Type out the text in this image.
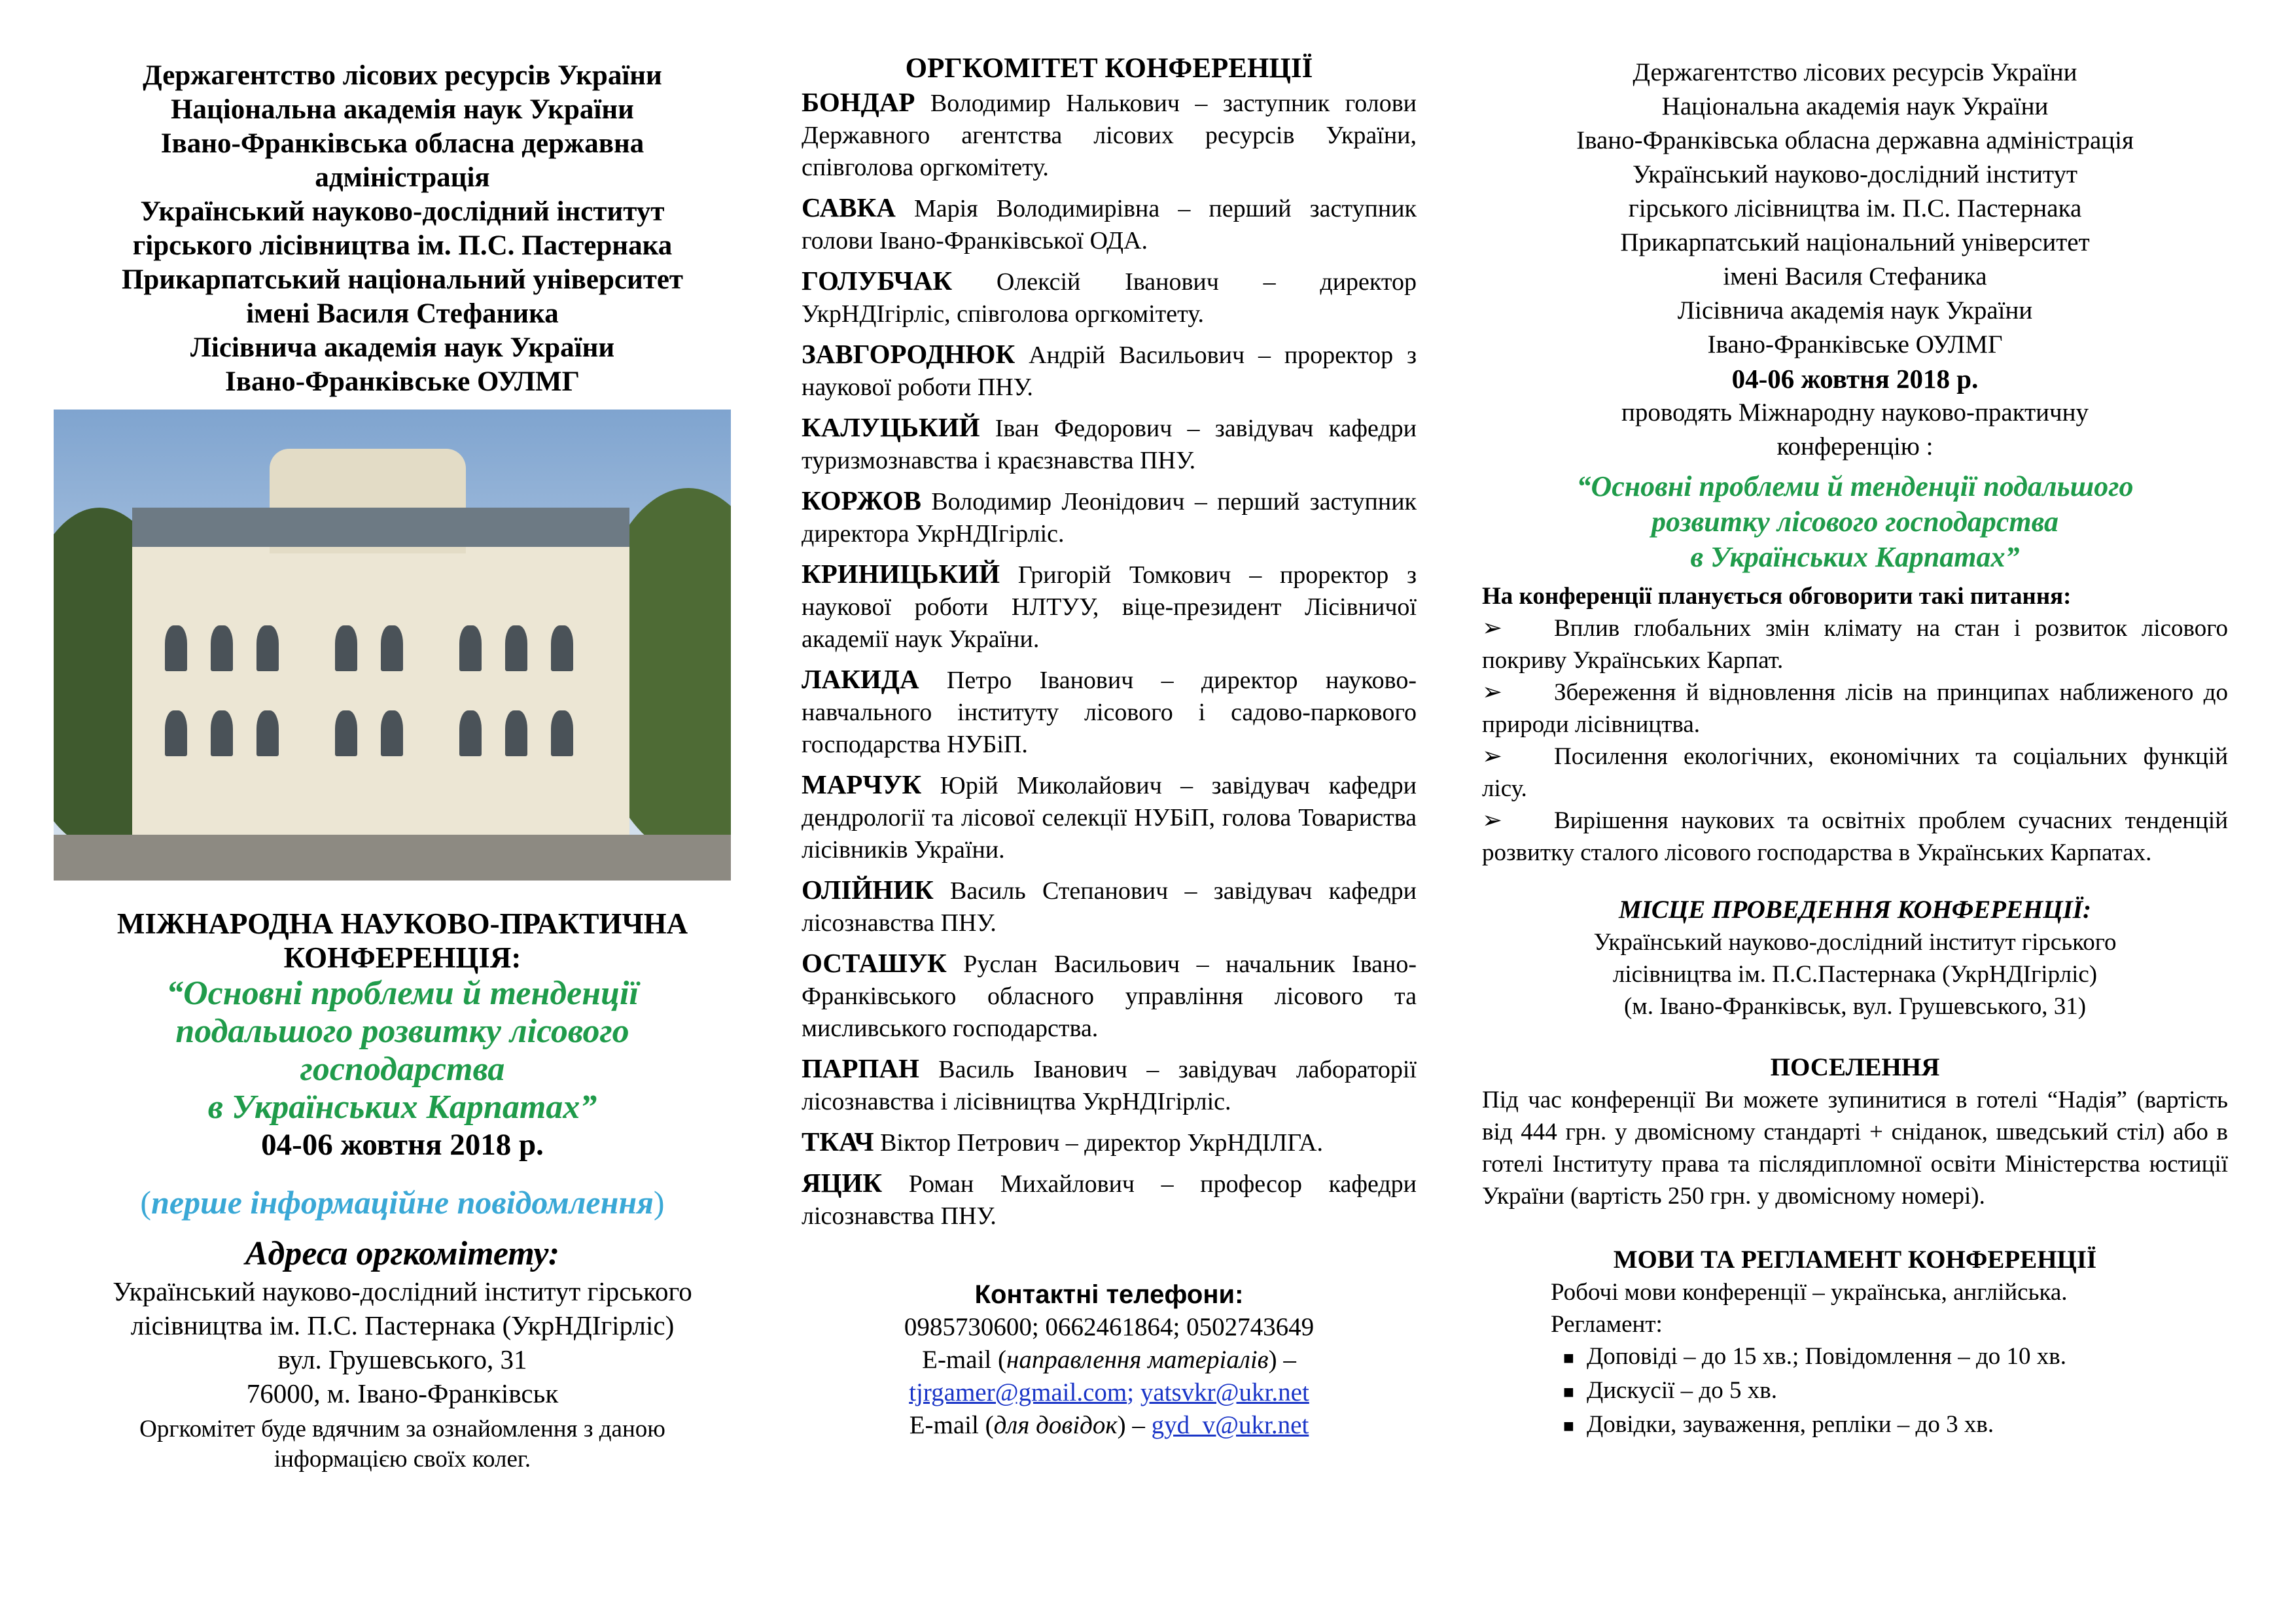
Держагентство лісових ресурсів України
Національна академія наук України
Івано-Франківська обласна державна
адміністрація
Український науково-дослідний інститут
гірського лісівництва ім. П.С. Пастернака
Прикарпатський національний університет
імені Василя Стефаника
Лісівнича академія наук України
Івано-Франківське ОУЛМГ
МІЖНАРОДНА НАУКОВО-ПРАКТИЧНА
КОНФЕРЕНЦІЯ:
“Основні проблеми й тенденції
подальшого розвитку лісового
господарства
в Українських Карпатах”
04-06 жовтня 2018 р.
(перше інформаційне повідомлення)
Адреса оргкомітету:
Український науково-дослідний інститут гірського
лісівництва ім. П.С. Пастернака (УкрНДІгірліс)
вул. Грушевського, 31
76000, м. Івано-Франківськ
Оргкомітет буде вдячним за ознайомлення з даною
інформацією своїх колег.
ОРГКОМІТЕТ КОНФЕРЕНЦІЇ
БОНДАР Володимир Налькович – заступник голови Державного агентства лісових ресурсів України, співголова оргкомітету.
САВКА Марія Володимирівна – перший заступник голови Івано-Франківської ОДА.
ГОЛУБЧАК Олексій Іванович – директор УкрНДІгірліс, співголова оргкомітету.
ЗАВГОРОДНЮК Андрій Васильович – проректор з наукової роботи ПНУ.
КАЛУЦЬКИЙ Іван Федорович – завідувач кафедри туризмознавства і краєзнавства ПНУ.
КОРЖОВ Володимир Леонідович – перший заступник директора УкрНДІгірліс.
КРИНИЦЬКИЙ Григорій Томкович – проректор з наукової роботи НЛТУУ, віце-президент Лісівничої академії наук України.
ЛАКИДА Петро Іванович – директор науково-навчального інституту лісового і садово-паркового господарства НУБіП.
МАРЧУК Юрій Миколайович – завідувач кафедри дендрології та лісової селекції НУБіП, голова Товариства лісівників України.
ОЛІЙНИК Василь Степанович – завідувач кафедри лісознавства ПНУ.
ОСТАШУК Руслан Васильович – начальник Івано-Франківського обласного управління лісового та мисливського господарства.
ПАРПАН Василь Іванович – завідувач лабораторії лісознавства і лісівництва УкрНДІгірліс.
ТКАЧ Віктор Петрович – директор УкрНДІЛГА.
ЯЦИК Роман Михайлович – професор кафедри лісознавства ПНУ.
Контактні телефони:
0985730600; 0662461864; 0502743649
E-mail (направлення матеріалів) –
tjrgamer@gmail.com; yatsvkr@ukr.net
E-mail (для довідок) – gyd_v@ukr.net
Держагентство лісових ресурсів України
Національна академія наук України
Івано-Франківська обласна державна адміністрація
Український науково-дослідний інститут
гірського лісівництва ім. П.С. Пастернака
Прикарпатський національний університет
імені Василя Стефаника
Лісівнича академія наук України
Івано-Франківське ОУЛМГ
04-06 жовтня 2018 р.
проводять Міжнародну науково-практичну
конференцію :
“Основні проблеми й тенденції подальшого
розвитку лісового господарства
в Українських Карпатах”
На конференції планується обговорити такі питання:
➢ Вплив глобальних змін клімату на стан і розвиток лісового покриву Українських Карпат.
➢ Збереження й відновлення лісів на принципах наближеного до природи лісівництва.
➢ Посилення екологічних, економічних та соціальних функцій лісу.
➢ Вирішення наукових та освітніх проблем сучасних тенденцій розвитку сталого лісового господарства в Українських Карпатах.
МІСЦЕ ПРОВЕДЕННЯ КОНФЕРЕНЦІЇ:
Український науково-дослідний інститут гірського
лісівництва ім. П.С.Пастернака (УкрНДІгірліс)
(м. Івано-Франківськ, вул. Грушевського, 31)
ПОСЕЛЕННЯ
Під час конференції Ви можете зупинитися в готелі “Надія” (вартість від 444 грн. у двомісному стандарті + сніданок, шведський стіл) або в готелі Інституту права та післядипломної освіти Міністерства юстиції України (вартість 250 грн. у двомісному номері).
МОВИ ТА РЕГЛАМЕНТ КОНФЕРЕНЦІЇ
Робочі мови конференції – українська, англійська.
Регламент:
■ Доповіді – до 15 хв.; Повідомлення – до 10 хв.
■ Дискусії – до 5 хв.
■ Довідки, зауваження, репліки – до 3 хв.
